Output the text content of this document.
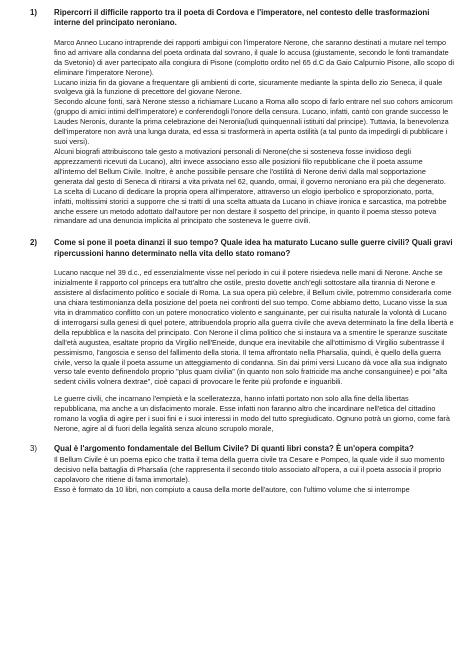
1)	Ripercorri il difficile rapporto tra il poeta di Cordova e l'imperatore, nel contesto delle trasformazioni interne del principato neroniano.

Marco Anneo Lucano intraprende dei rapporti ambigui con l'imperatore Nerone, che saranno destinati a mutare nel tempo fino ad arrivare alla condanna del poeta ordinata dal sovrano, il quale lo accusa (giustamente, secondo le fonti tramandate da Svetonio) di aver partecipato alla congiura di Pisone (complotto ordito nel 65 d.C da Gaio Calpurnio Pisone, allo scopo di eliminare l'imperatore Nerone).

Lucano inizia fin da giovane a frequentare gli ambienti di corte, sicuramente mediante la spinta dello zio Seneca, il quale svolgeva già la funzione di precettore del giovane Nerone.

Secondo alcune fonti, sarà Nerone stesso a richiamare Lucano a Roma allo scopo di farlo entrare nel suo cohors amicorum (gruppo di amici intimi dell'imperatore) e conferendogli l'onore della censura. Lucano, infatti, cantò con grande successo le Laudes Neronis, durante la prima celebrazione dei Neronia(ludi quinquennali istituiti dal principe). Tuttavia, la benevolenza dell'imperatore non avrà una lunga durata, ed essa si trasformerà in aperta ostilità (a tal punto da impedirgli di pubblicare i suoi versi).

Alcuni biografi attribuiscono tale gesto a motivazioni personali di Nerone(che si sosteneva fosse invidioso degli apprezzamenti ricevuti da Lucano), altri invece associano esso alle posizioni filo repubblicane che il poeta assume all'interno del Bellum Civile. Inoltre, è anche possibile pensare che l'ostilità di Nerone derivi dalla mal sopportazione generata dal gesto di Seneca di ritirarsi a vita privata nel 62, quando, ormai, il governo neroniano era più che degenerato.

La scelta di Lucano di dedicare la propria opera all'imperatore, attraverso un elogio iperbolico e sproporzionato, porta, infatti, moltissimi storici a supporre che si tratti di una scelta attuata da Lucano in chiave ironica e sarcastica, ma potrebbe anche essere un metodo adottato dall'autore per non destare il sospetto del principe, in quanto il poema stesso poteva rimandare ad una denuncia implicita al principato che sosteneva le guerre civili.

2)	Come si pone il poeta dinanzi il suo tempo? Quale idea ha maturato Lucano sulle guerre civili? Quali gravi ripercussioni hanno determinato nella vita dello stato romano?

Lucano nacque nel 39 d.c., ed essenzialmente visse nel periodo in cui il potere risiedeva nelle mani di Nerone. Anche se inizialmente il rapporto col princeps era tutt'altro che ostile, presto dovette anch'egli sottostare alla tirannia di Nerone e assistere al disfacimento politico e sociale di Roma. La sua opera più celebre, il Bellum civile, potremmo considerarla come una chiara testimonianza della posizione del poeta nei confronti del suo tempo. Come abbiamo detto, Lucano visse la sua vita in drammatico conflitto con un potere monocratico violento e sanguinante, per cui risulta naturale la volontà di Lucano di interrogarsi sulla genesi di quel potere, attribuendola proprio alla guerra civile che aveva determinato la fine della libertà e della repubblica e la nascita del principato. Con Nerone il clima politico che si instaura va a smentire le speranze suscitate dall'età augustea, esaltate proprio da Virgilio nell'Eneide, dunque era inevitabile che all'ottimismo di Virgilio subentrasse il pessimismo, l'angoscia e senso del fallimento della storia. Il tema affrontato nella Pharsalia, quindi, è quello della guerra civile, verso la quale il poeta assume un atteggiamento di condanna. Sin dai primi versi Lucano dà voce alla sua indignato verso tale evento definendolo proprio "plus quam civilia" (in quanto non solo fratricide ma anche consanguinee) e poi "alta sedent civilis volnera dextrae", cioè capaci di provocare le ferite più profonde e inguaribili.

Le guerre civili, che incarnano l'empietà e la scelleratezza, hanno infatti portato non solo alla fine della libertas repubblicana, ma anche a un disfacimento morale. Esse infatti non faranno altro che incardinare nell'etica del cittadino romano la voglia di agire per i suoi fini e i suoi interessi in modo del tutto spregiudicato. Ognuno potrà un giorno, come farà Nerone, agire al di fuori della legalità senza alcuno scrupolo morale,

3)	Qual è l'argomento fondamentale del Bellum Civile? Di quanti libri consta? È un'opera compita?

Il Bellum Civile è un poema epico che tratta il tema della guerra civile tra Cesare e Pompeo, la quale vide il suo momento decisivo nella battaglia di Pharsalia (che rappresenta il secondo titolo associato all'opera, a cui il poeta associa il proprio capolavoro che ritiene di fama immortale).

Esso è formato da 10 libri, non compiuto a causa della morte dell'autore, con l'ultimo volume che si interrompe
